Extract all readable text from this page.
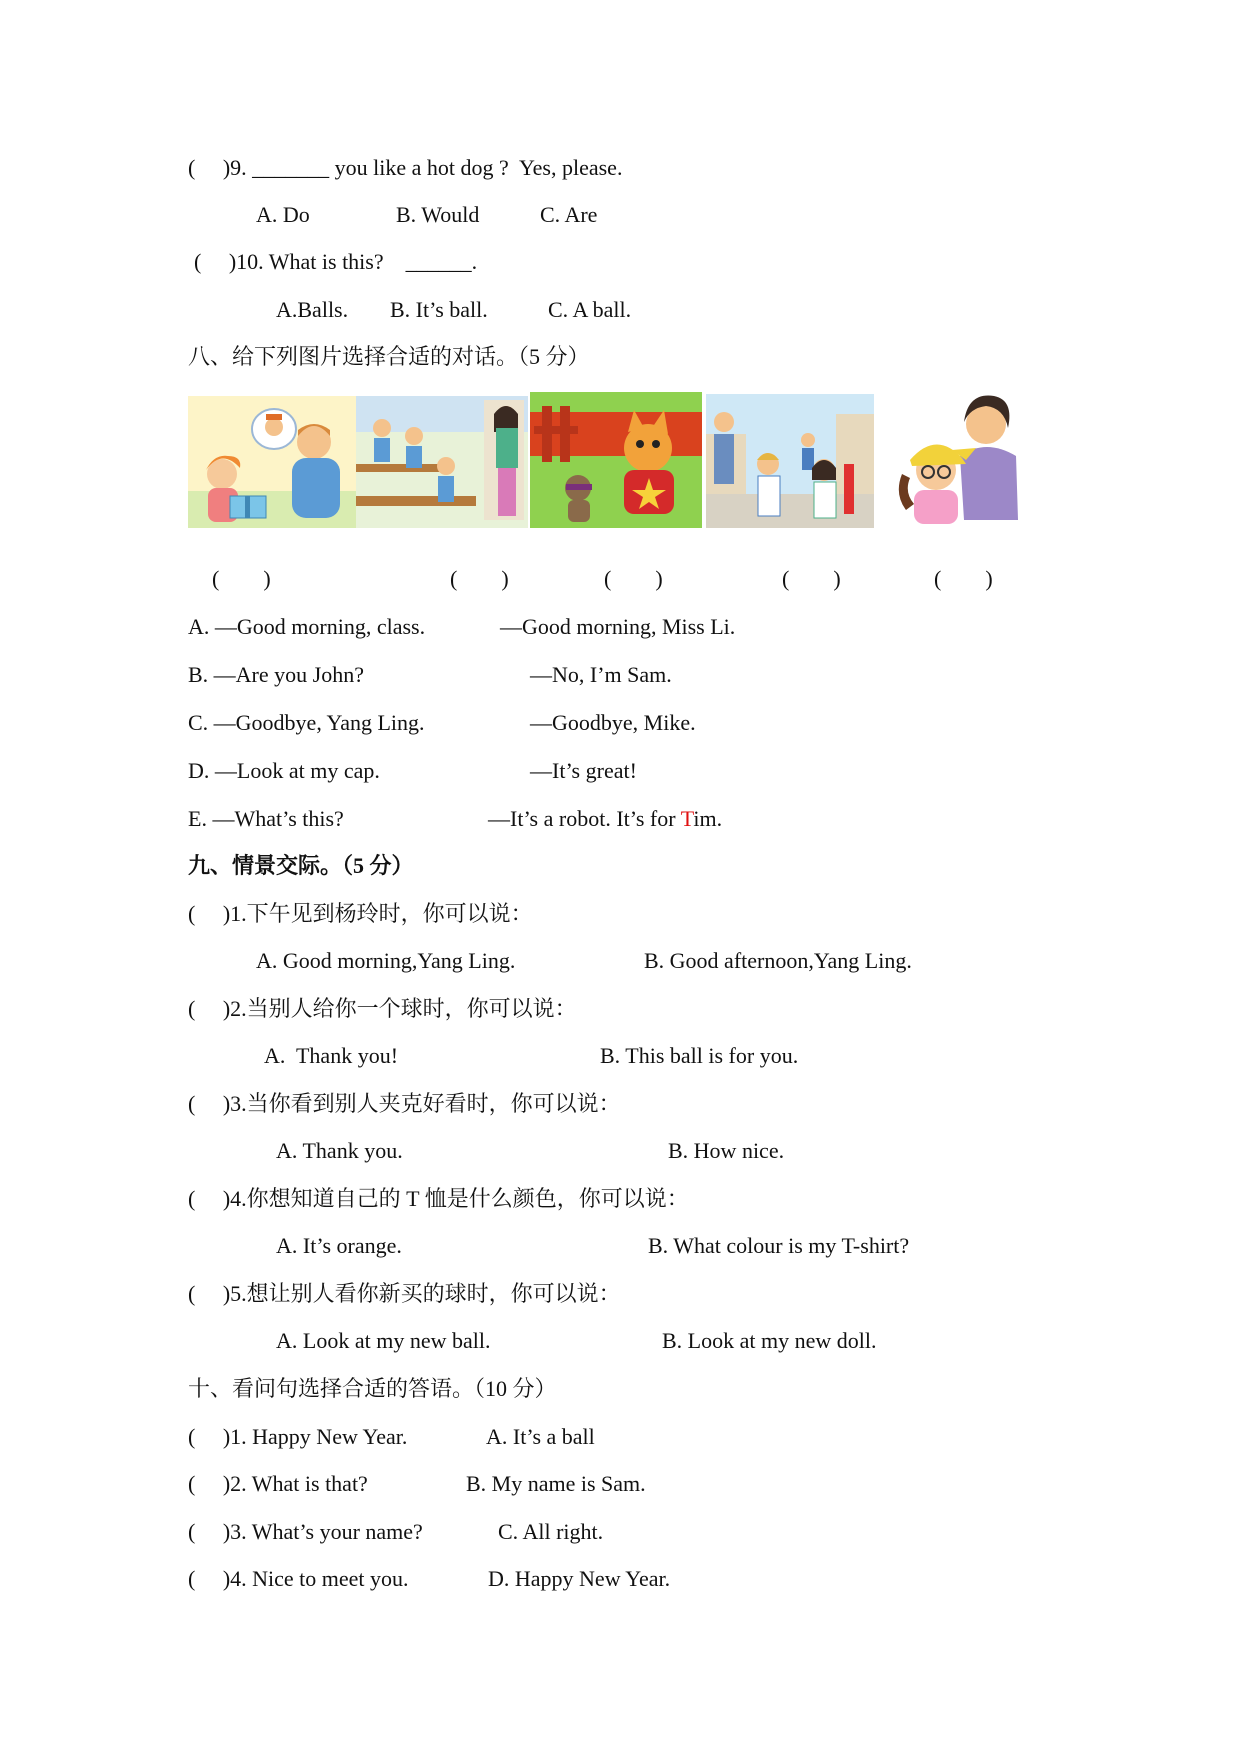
(     )9. _______ you like a hot dog ?  Yes, please.
A. Do	B. Would	C. Are
(     )10. What is this?    ______.
A.Balls. B. It’s ball.	C. A ball.
八、给下列图片选择合适的对话。（5 分）
(        )	(        )	(        )	(        )	(        )
A. —Good morning, class.	—Good morning, Miss Li.
B. —Are you John?	—No, I’m Sam.
C. —Goodbye, Yang Ling.	—Goodbye, Mike.
D. —Look at my cap.	—It’s great!
E. —What’s this?	—It’s a robot. It’s for Tim.
九、情景交际。（5 分）
(     )1.下午见到杨玲时，你可以说：
A. Good morning,Yang Ling.	B. Good afternoon,Yang Ling.
(     )2.当别人给你一个球时，你可以说：
A.  Thank you!	B. This ball is for you.
(     )3.当你看到别人夹克好看时，你可以说：
A. Thank you.	B. How nice.
(     )4.你想知道自己的 T 恤是什么颜色，你可以说：
A. It’s orange.	B. What colour is my T-shirt?
(     )5.想让别人看你新买的球时，你可以说：
A. Look at my new ball.	B. Look at my new doll.
十、看问句选择合适的答语。（10 分）
(     )1. Happy New Year.	A. It’s a ball
(     )2. What is that?	B. My name is Sam.
(     )3. What’s your name?	C. All right.
(     )4. Nice to meet you.	D. Happy New Year.
